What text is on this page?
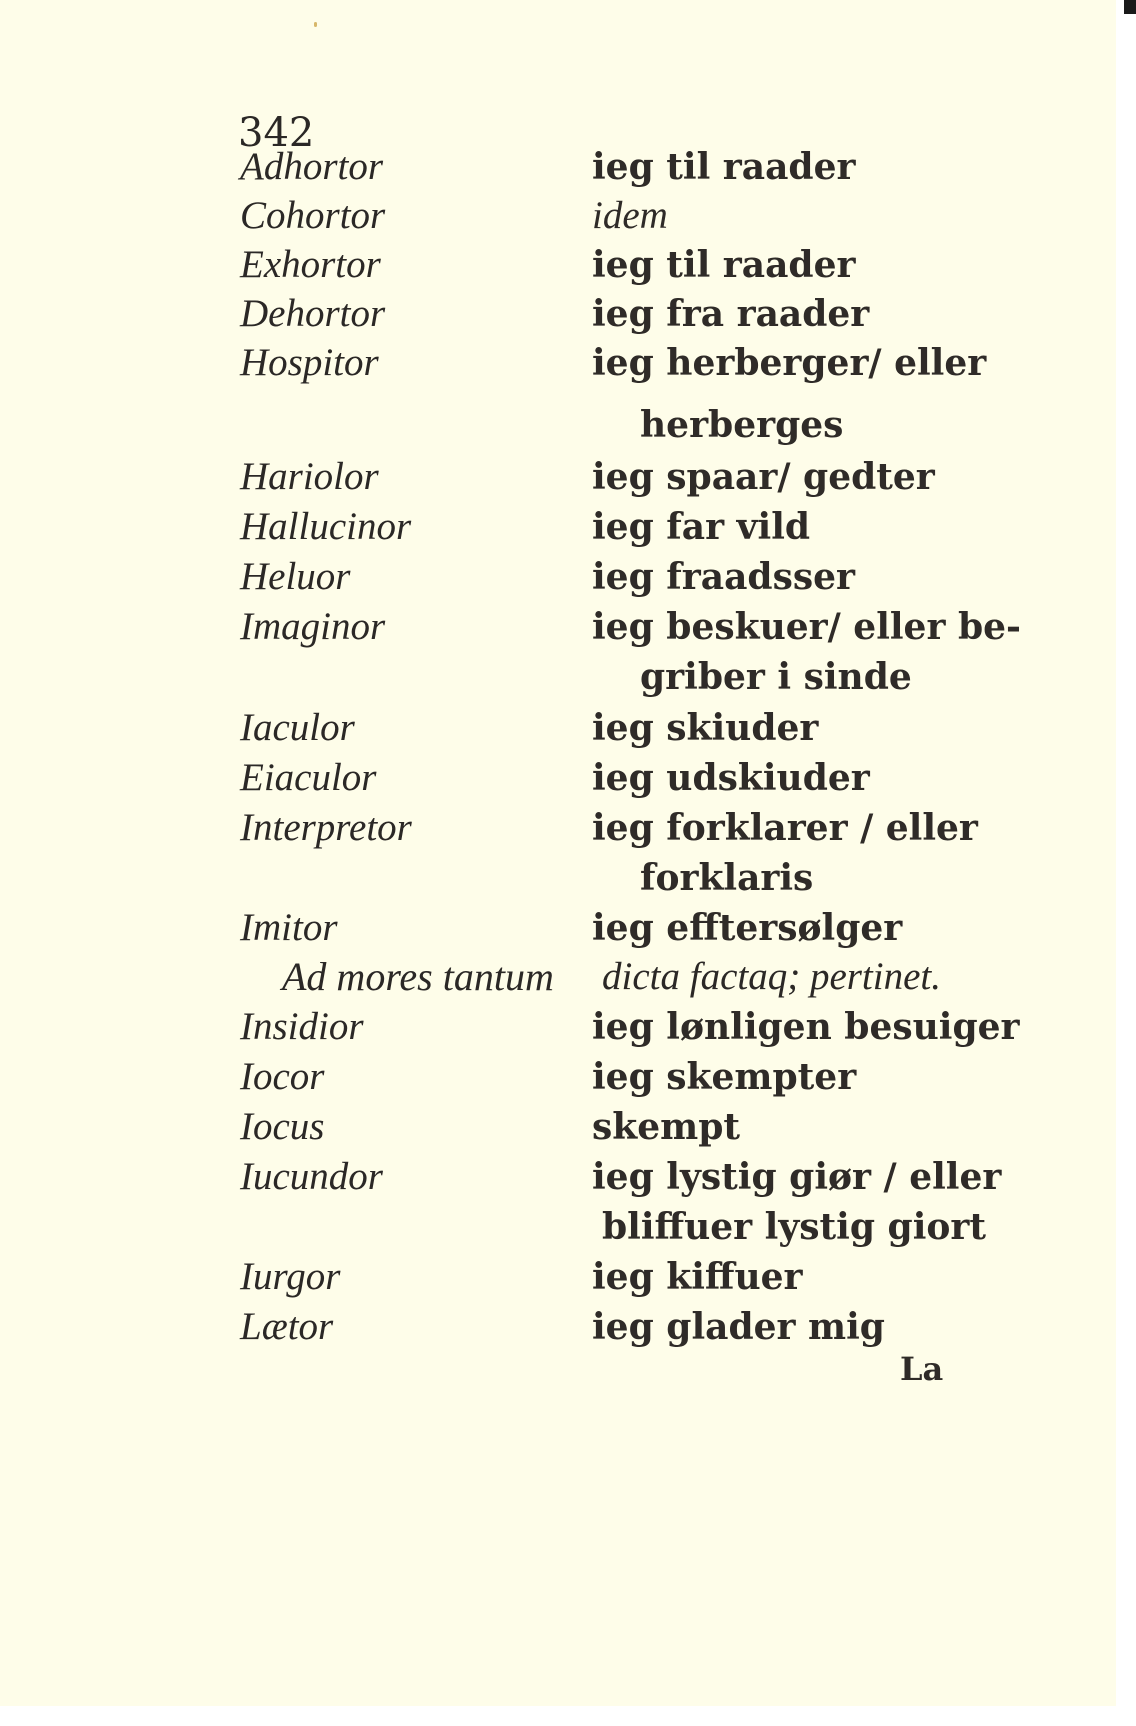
342
Adhortor	ieg til raader
Cohortor	idem
Exhortor	ieg til raader
Dehortor	ieg fra raader
Hospitor	ieg herberger/ eller
herberges
Hariolor	ieg spaar/ gedter
Hallucinor	ieg far vild
Heluor	ieg fraadsser
Imaginor	ieg beskuer/ eller be-
griber i sinde
Iaculor	ieg skiuder
Eiaculor	ieg udskiuder
Interpretor	ieg forklarer / eller
forklaris
Imitor	ieg efftersølger
Ad mores tantum dicta factaq; pertinet.
Insidior	ieg lønligen besuiger
Iocor	ieg skempter
Iocus	skempt
Iucundor	ieg lystig giør / eller
bliffuer lystig giort
Iurgor	ieg kiffuer
Lætor	ieg glader mig
La
